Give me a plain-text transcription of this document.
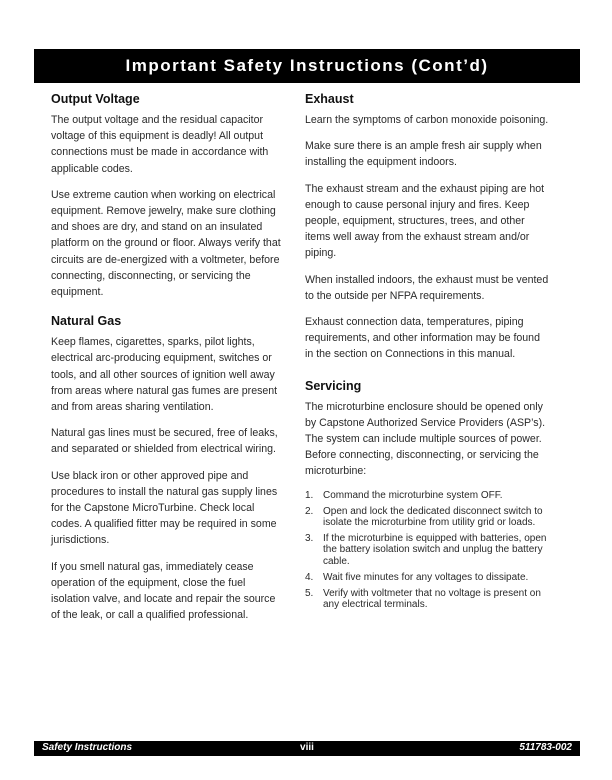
Important Safety Instructions (Cont’d)
Output Voltage

The output voltage and the residual capacitor voltage of this equipment is deadly! All output connections must be made in accordance with applicable codes.

Use extreme caution when working on electrical equipment. Remove jewelry, make sure clothing and shoes are dry, and stand on an insulated platform on the ground or floor. Always verify that circuits are de-energized with a voltmeter, before connecting, disconnecting, or servicing the equipment.

Natural Gas

Keep flames, cigarettes, sparks, pilot lights, electrical arc-producing equipment, switches or tools, and all other sources of ignition well away from areas where natural gas fumes are present and from areas sharing ventilation.

Natural gas lines must be secured, free of leaks, and separated or shielded from electrical wiring.

Use black iron or other approved pipe and procedures to install the natural gas supply lines for the Capstone MicroTurbine. Check local codes. A qualified fitter may be required in some jurisdictions.

If you smell natural gas, immediately cease operation of the equipment, close the fuel isolation valve, and locate and repair the source of the leak, or call a qualified professional.

Exhaust

Learn the symptoms of carbon monoxide poisoning.

Make sure there is an ample fresh air supply when installing the equipment indoors.

The exhaust stream and the exhaust piping are hot enough to cause personal injury and fires. Keep people, equipment, structures, trees, and other items well away from the exhaust stream and/or piping.

When installed indoors, the exhaust must be vented to the outside per NFPA requirements.

Exhaust connection data, temperatures, piping requirements, and other information may be found in the section on Connections in this manual.

Servicing

The microturbine enclosure should be opened only by Capstone Authorized Service Providers (ASP’s). The system can include multiple sources of power. Before connecting, disconnecting, or servicing the microturbine:

1. Command the microturbine system OFF.
2. Open and lock the dedicated disconnect switch to isolate the microturbine from utility grid or loads.
3. If the microturbine is equipped with batteries, open the battery isolation switch and unplug the battery cable.
4. Wait five minutes for any voltages to dissipate.
5. Verify with voltmeter that no voltage is present on any electrical terminals.
Safety Instructions	viii	511783-002
